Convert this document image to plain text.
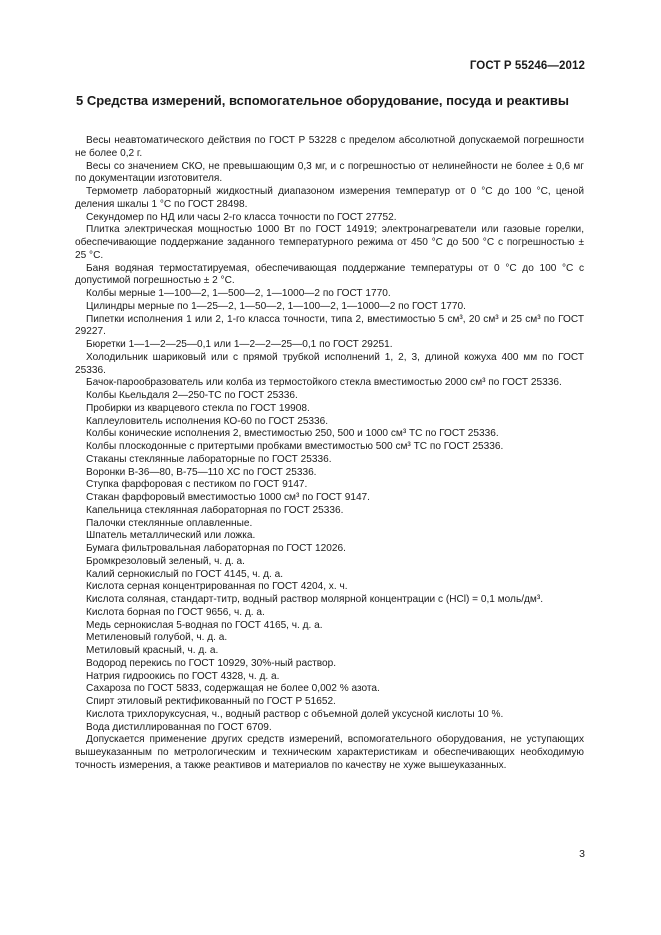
ГОСТ Р 55246—2012
5 Средства измерений, вспомогательное оборудование, посуда и реактивы

Весы неавтоматического действия по ГОСТ Р 53228 с пределом абсолютной допускаемой погрешности не более 0,2 г.

Весы со значением СКО, не превышающим 0,3 мг, и с погрешностью от нелинейности не более ± 0,6 мг по документации изготовителя.

Термометр лабораторный жидкостный диапазоном измерения температур от 0 °С до 100 °С, ценой деления шкалы 1 °С по ГОСТ 28498.

Секундомер по НД или часы 2-го класса точности по ГОСТ 27752.

Плитка электрическая мощностью 1000 Вт по ГОСТ 14919; электронагреватели или газовые горелки, обеспечивающие поддержание заданного температурного режима от 450 °С до 500 °С с погрешностью ± 25 °С.

Баня водяная термостатируемая, обеспечивающая поддержание температуры от 0 °С до 100 °С с допустимой погрешностью ± 2 °С.

Колбы мерные 1—100—2, 1—500—2, 1—1000—2 по ГОСТ 1770.

Цилиндры мерные по 1—25—2, 1—50—2, 1—100—2, 1—1000—2 по ГОСТ 1770.

Пипетки исполнения 1 или 2, 1-го класса точности, типа 2, вместимостью 5 см³, 20 см³ и 25 см³ по ГОСТ 29227.

Бюретки 1—1—2—25—0,1 или 1—2—2—25—0,1 по ГОСТ 29251.

Холодильник шариковый или с прямой трубкой исполнений 1, 2, 3, длиной кожуха 400 мм по ГОСТ 25336.

Бачок-парообразователь или колба из термостойкого стекла вместимостью 2000 см³ по ГОСТ 25336.

Колбы Кьельдаля 2—250-ТС по ГОСТ 25336.

Пробирки из кварцевого стекла по ГОСТ 19908.

Каплеуловитель исполнения КО-60 по ГОСТ 25336.

Колбы конические исполнения 2, вместимостью 250, 500 и 1000 см³ ТС по ГОСТ 25336.

Колбы плоскодонные с притертыми пробками вместимостью 500 см³ ТС по ГОСТ 25336.

Стаканы стеклянные лабораторные по ГОСТ 25336.

Воронки В-36—80, В-75—110 ХС по ГОСТ 25336.

Ступка фарфоровая с пестиком по ГОСТ 9147.

Стакан фарфоровый вместимостью 1000 см³ по ГОСТ 9147.

Капельница стеклянная лабораторная по ГОСТ 25336.

Палочки стеклянные оплавленные.

Шпатель металлический или ложка.

Бумага фильтровальная лабораторная по ГОСТ 12026.

Бромкрезоловый зеленый, ч. д. а.

Калий сернокислый по ГОСТ 4145, ч. д. а.

Кислота серная концентрированная по ГОСТ 4204, х. ч.

Кислота соляная, стандарт-титр, водный раствор молярной концентрации с (НСl) = 0,1 моль/дм³.

Кислота борная по ГОСТ 9656, ч. д. а.

Медь сернокислая 5-водная по ГОСТ 4165, ч. д. а.

Метиленовый голубой, ч. д. а.

Метиловый красный, ч. д. а.

Водород перекись по ГОСТ 10929, 30%-ный раствор.

Натрия гидроокись по ГОСТ 4328, ч. д. а.

Сахароза по ГОСТ 5833, содержащая не более 0,002 % азота.

Спирт этиловый ректификованный по ГОСТ Р 51652.

Кислота трихлоруксусная, ч., водный раствор с объемной долей уксусной кислоты 10 %.

Вода дистиллированная по ГОСТ 6709.

Допускается применение других средств измерений, вспомогательного оборудования, не уступающих вышеуказанным по метрологическим и техническим характеристикам и обеспечивающих необходимую точность измерения, а также реактивов и материалов по качеству не хуже вышеуказанных.

3
